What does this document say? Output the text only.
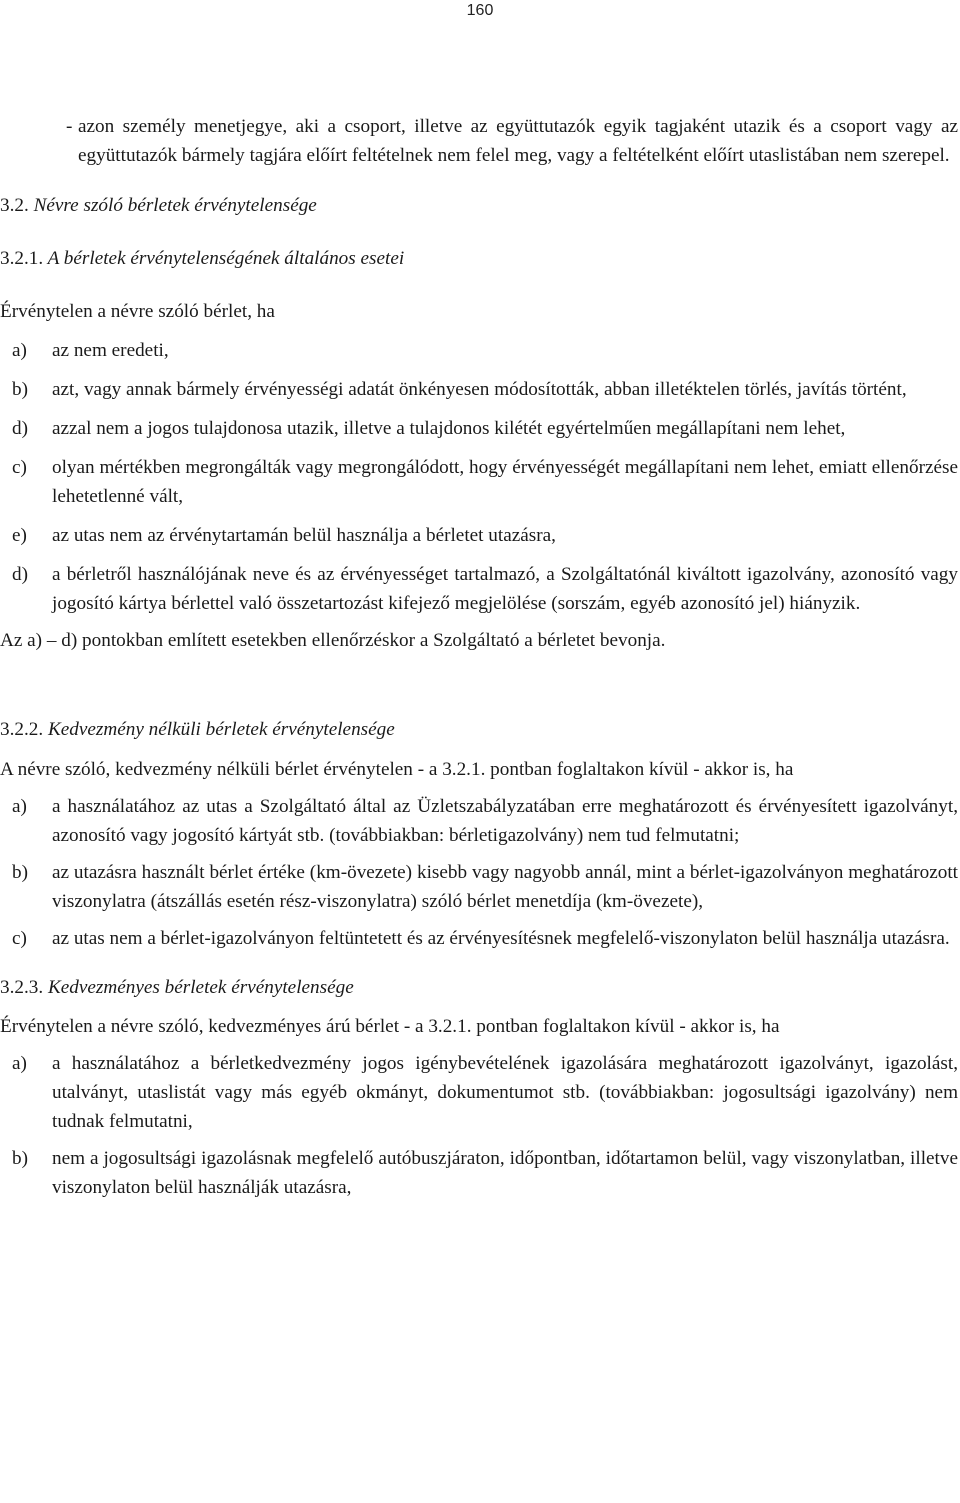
160
- azon személy menetjegye, aki a csoport, illetve az együttutazók egyik tagjaként utazik és a csoport vagy az együttutazók bármely tagjára előírt feltételnek nem felel meg, vagy a feltételként előírt utaslistában nem szerepel.

3.2. Névre szóló bérletek érvénytelensége

3.2.1. A bérletek érvénytelenségének általános esetei

Érvénytelen a névre szóló bérlet, ha

a)	az nem eredeti,
b)	azt, vagy annak bármely érvényességi adatát önkényesen módosították, abban illetéktelen törlés, javítás történt,
d)	azzal nem a jogos tulajdonosa utazik, illetve a tulajdonos kilétét egyértelműen megállapítani nem lehet,
c)	olyan mértékben megrongálták vagy megrongálódott, hogy érvényességét megállapítani nem lehet, emiatt ellenőrzése lehetetlenné vált,
e)	az utas nem az érvénytartamán belül használja a bérletet utazásra,
d)	a bérletről használójának neve és az érvényességet tartalmazó, a Szolgáltatónál kiváltott igazolvány, azonosító vagy jogosító kártya bérlettel való összetartozást kifejező megjelölése (sorszám, egyéb azonosító jel) hiányzik.

Az a) – d) pontokban említett esetekben ellenőrzéskor a Szolgáltató a bérletet bevonja.

3.2.2. Kedvezmény nélküli bérletek érvénytelensége

A névre szóló, kedvezmény nélküli bérlet érvénytelen - a 3.2.1. pontban foglaltakon kívül - akkor is, ha

a)	a használatához az utas a Szolgáltató által az Üzletszabályzatában erre meghatározott és érvényesített igazolványt, azonosító vagy jogosító kártyát stb. (továbbiakban: bérletigazolvány) nem tud felmutatni;
b)	az utazásra használt bérlet értéke (km-övezete) kisebb vagy nagyobb annál, mint a bérlet-igazolványon meghatározott viszonylatra (átszállás esetén rész-viszonylatra) szóló bérlet menetdíja (km-övezete),
c)	az utas nem a bérlet-igazolványon feltüntetett és az érvényesítésnek megfelelő-viszonylaton belül használja utazásra.

3.2.3. Kedvezményes bérletek érvénytelensége

Érvénytelen a névre szóló, kedvezményes árú bérlet - a 3.2.1. pontban foglaltakon kívül - akkor is, ha

a)	a használatához a bérletkedvezmény jogos igénybevételének igazolására meghatározott igazolványt, igazolást, utalványt, utaslistát vagy más egyéb okmányt, dokumentumot stb. (továbbiakban: jogosultsági igazolvány) nem tudnak felmutatni,
b)	nem a jogosultsági igazolásnak megfelelő autóbuszjáraton, időpontban, időtartamon belül, vagy viszonylatban, illetve viszonylaton belül használják utazásra,
